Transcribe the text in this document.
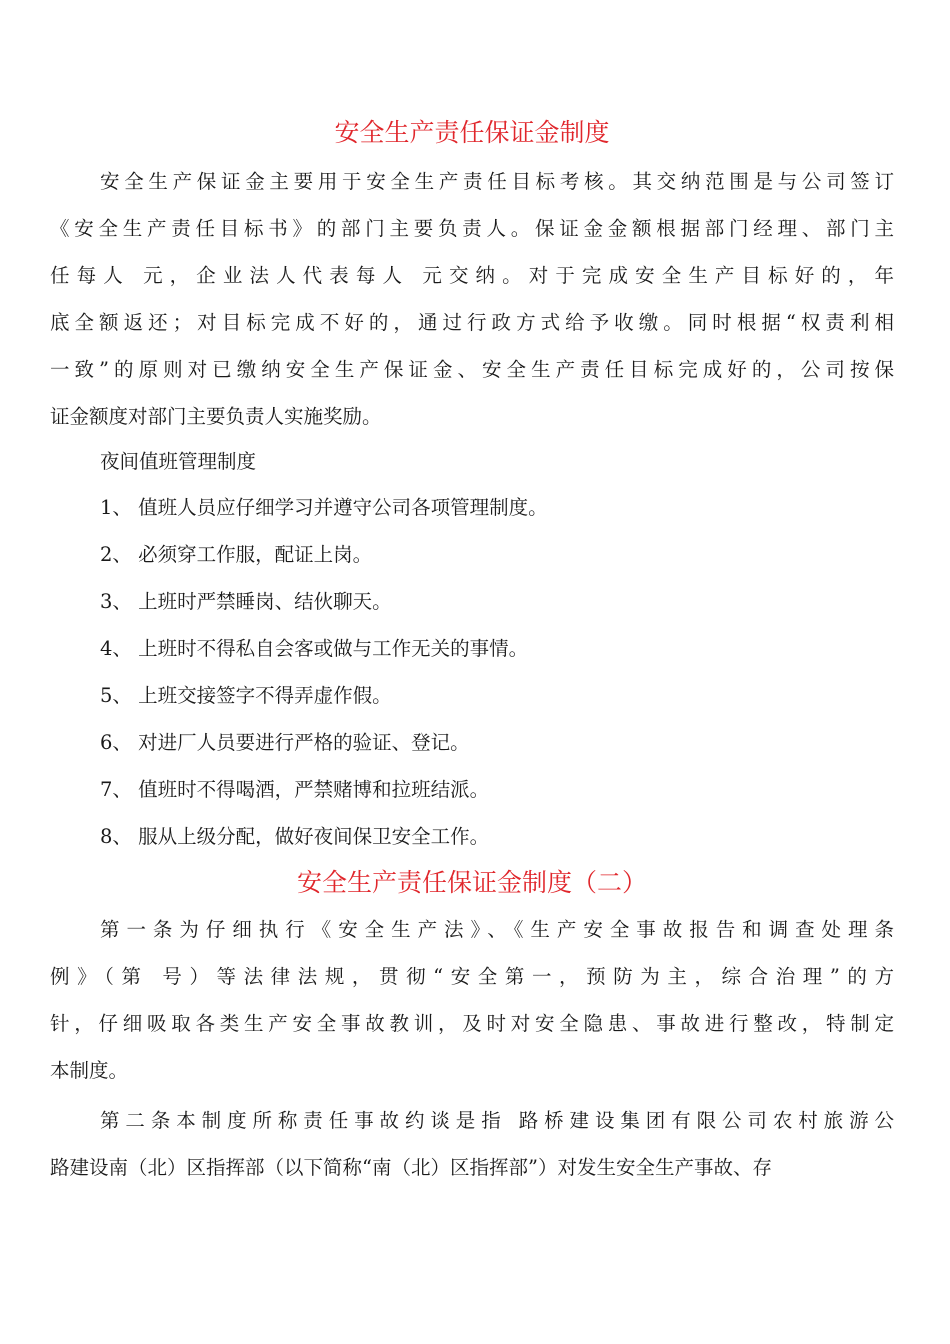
安全生产责任保证金制度
安全生产保证金主要用于安全生产责任目标考核。其交纳范围是与公司签订
《安全生产责任目标书》的部门主要负责人。保证金金额根据部门经理、部门主
任每人 元，企业法人代表每人 元交纳。对于完成安全生产目标好的，年
底全额返还；对目标完成不好的，通过行政方式给予收缴。同时根据“权责利相
一致”的原则对已缴纳安全生产保证金、安全生产责任目标完成好的，公司按保
证金额度对部门主要负责人实施奖励。
夜间值班管理制度
1、 值班人员应仔细学习并遵守公司各项管理制度。
2、 必须穿工作服，配证上岗。
3、 上班时严禁睡岗、结伙聊天。
4、 上班时不得私自会客或做与工作无关的事情。
5、 上班交接签字不得弄虚作假。
6、 对进厂人员要进行严格的验证、登记。
7、 值班时不得喝酒，严禁赌博和拉班结派。
8、 服从上级分配，做好夜间保卫安全工作。
安全生产责任保证金制度（二）
第一条为仔细执行《安全生产法》、《生产安全事故报告和调查处理条
例》（第 号）等法律法规，贯彻“安全第一，预防为主，综合治理”的方
针，仔细吸取各类生产安全事故教训，及时对安全隐患、事故进行整改，特制定
本制度。
第二条本制度所称责任事故约谈是指 路桥建设集团有限公司农村旅游公
路建设南（北）区指挥部（以下简称“南（北）区指挥部”）对发生安全生产事故、存
